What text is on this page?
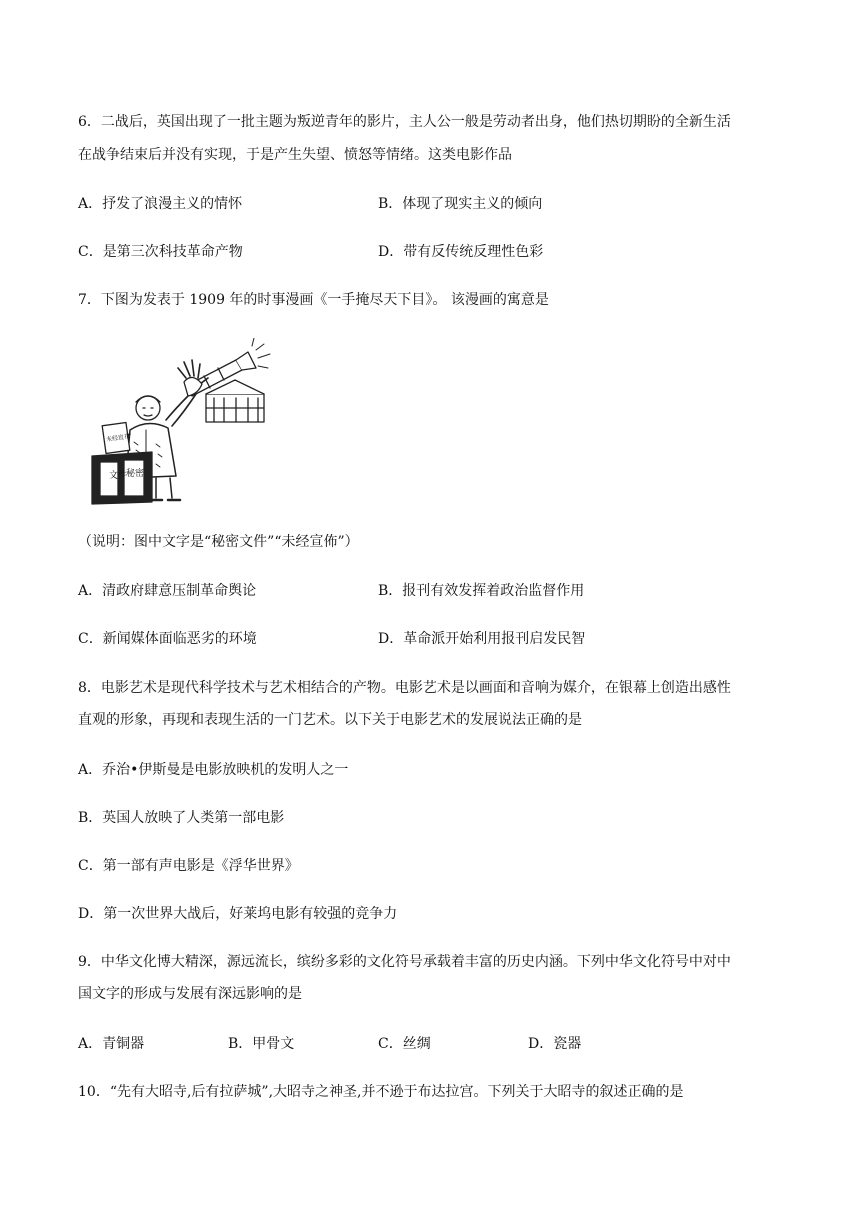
6．二战后，英国出现了一批主题为叛逆青年的影片，主人公一般是劳动者出身，他们热切期盼的全新生活
在战争结束后并没有实现，于是产生失望、愤怒等情绪。这类电影作品
A．抒发了浪漫主义的情怀	B．体现了现实主义的倾向
C．是第三次科技革命产物	D．带有反传统反理性色彩
7．下图为发表于 1909 年的时事漫画《一手掩尽天下目》。 该漫画的寓意是
文件
秘密
未经宣布
（说明：图中文字是“秘密文件”“未经宣佈”）
A．清政府肆意压制革命舆论	B．报刊有效发挥着政治监督作用
C．新闻媒体面临恶劣的环境	D．革命派开始利用报刊启发民智
8．电影艺术是现代科学技术与艺术相结合的产物。电影艺术是以画面和音响为媒介，在银幕上创造出感性
直观的形象，再现和表现生活的一门艺术。以下关于电影艺术的发展说法正确的是
A．乔治•伊斯曼是电影放映机的发明人之一
B．英国人放映了人类第一部电影
C．第一部有声电影是《浮华世界》
D．第一次世界大战后，好莱坞电影有较强的竞争力
9．中华文化博大精深，源远流长，缤纷多彩的文化符号承载着丰富的历史内涵。下列中华文化符号中对中
国文字的形成与发展有深远影响的是
A．青铜器	B．甲骨文	C．丝绸	D．瓷器
10．“先有大昭寺,后有拉萨城”,大昭寺之神圣,并不逊于布达拉宫。下列关于大昭寺的叙述正确的是
